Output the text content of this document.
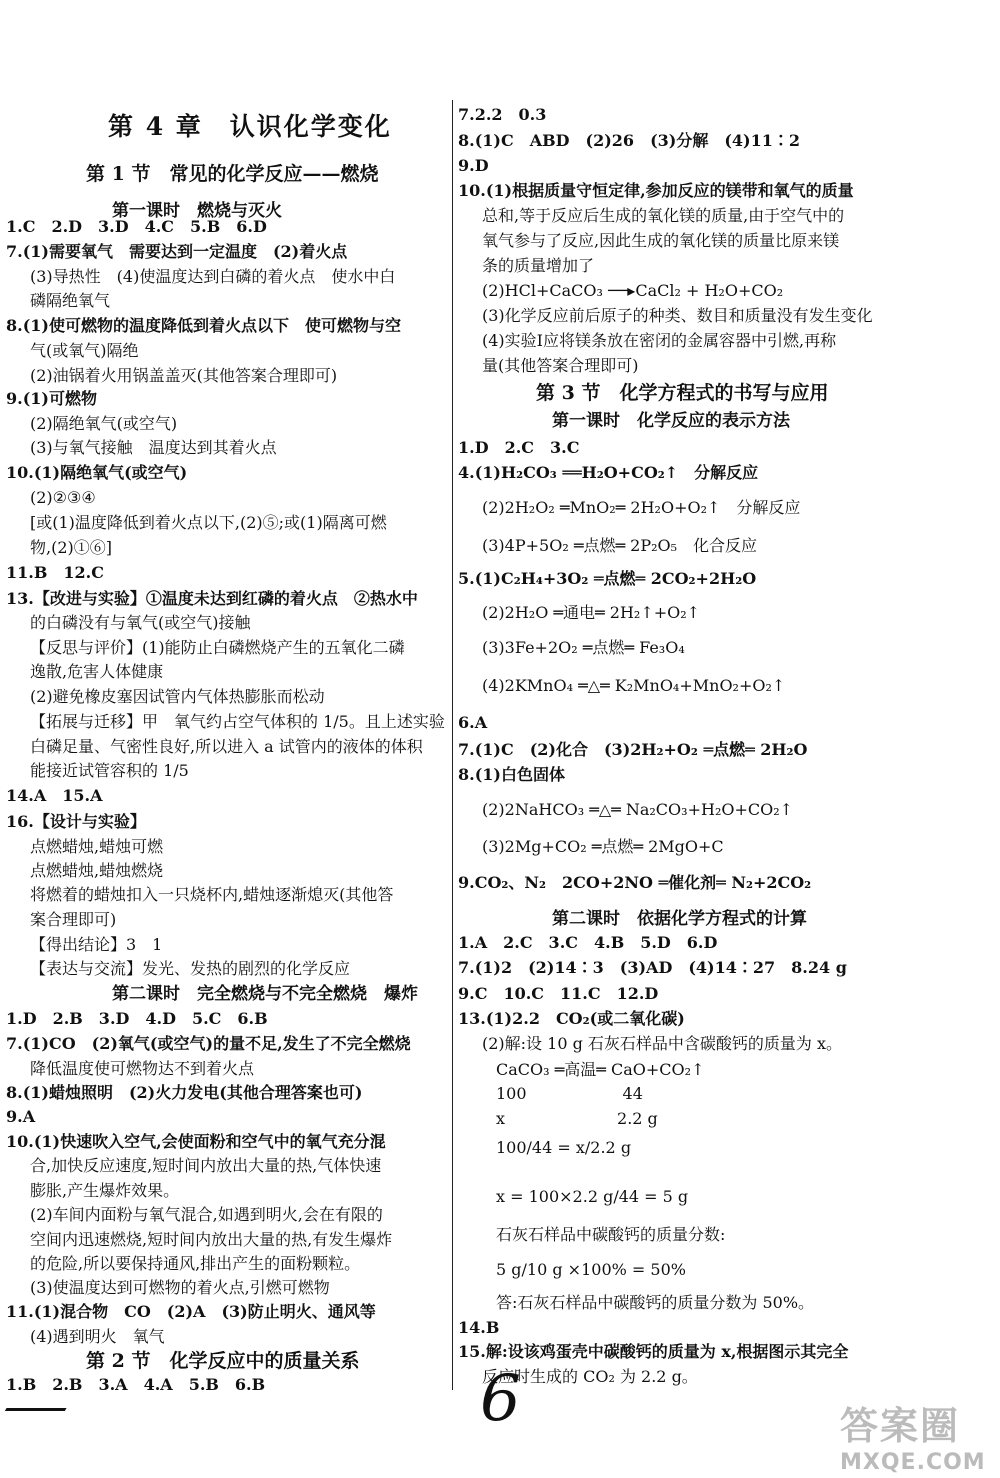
第 4 章　认识化学变化
第 1 节　常见的化学反应——燃烧
第一课时　燃烧与灭火
1.C　2.D　3.D　4.C　5.B　6.D
7.(1)需要氧气　需要达到一定温度　(2)着火点
(3)导热性　(4)使温度达到白磷的着火点　使水中白
磷隔绝氧气
8.(1)使可燃物的温度降低到着火点以下　使可燃物与空
气(或氧气)隔绝
(2)油锅着火用锅盖盖灭(其他答案合理即可)
9.(1)可燃物
(2)隔绝氧气(或空气)
(3)与氧气接触　温度达到其着火点
10.(1)隔绝氧气(或空气)
(2)②③④
[或(1)温度降低到着火点以下,(2)⑤;或(1)隔离可燃
物,(2)①⑥]
11.B　12.C
13.【改进与实验】①温度未达到红磷的着火点　②热水中
的白磷没有与氧气(或空气)接触
【反思与评价】(1)能防止白磷燃烧产生的五氧化二磷
逸散,危害人体健康
(2)避免橡皮塞因试管内气体热膨胀而松动
【拓展与迁移】甲　氧气约占空气体积的 1/5。且上述实验
白磷足量、气密性良好,所以进入 a 试管内的液体的体积
能接近试管容积的 1/5
14.A　15.A
16.【设计与实验】
点燃蜡烛,蜡烛可燃
点燃蜡烛,蜡烛燃烧
将燃着的蜡烛扣入一只烧杯内,蜡烛逐渐熄灭(其他答
案合理即可)
【得出结论】3　1
【表达与交流】发光、发热的剧烈的化学反应
第二课时　完全燃烧与不完全燃烧　爆炸
1.D　2.B　3.D　4.D　5.C　6.B
7.(1)CO　(2)氧气(或空气)的量不足,发生了不完全燃烧
降低温度使可燃物达不到着火点
8.(1)蜡烛照明　(2)火力发电(其他合理答案也可)
9.A
10.(1)快速吹入空气,会使面粉和空气中的氧气充分混
合,加快反应速度,短时间内放出大量的热,气体快速
膨胀,产生爆炸效果。
(2)车间内面粉与氧气混合,如遇到明火,会在有限的
空间内迅速燃烧,短时间内放出大量的热,有发生爆炸
的危险,所以要保持通风,排出产生的面粉颗粒。
(3)使温度达到可燃物的着火点,引燃可燃物
11.(1)混合物　CO　(2)A　(3)防止明火、通风等
(4)遇到明火　氧气
第 2 节　化学反应中的质量关系
1.B　2.B　3.A　4.A　5.B　6.B
7.2.2　0.3
8.(1)C　ABD　(2)26　(3)分解　(4)11∶2
9.D
10.(1)根据质量守恒定律,参加反应的镁带和氧气的质量
总和,等于反应后生成的氧化镁的质量,由于空气中的
氧气参与了反应,因此生成的氧化镁的质量比原来镁
条的质量增加了
(2)HCl+CaCO₃ ──▸CaCl₂ + H₂O+CO₂
(3)化学反应前后原子的种类、数目和质量没有发生变化
(4)实验Ⅰ应将镁条放在密闭的金属容器中引燃,再称
量(其他答案合理即可)
第 3 节　化学方程式的书写与应用
第一课时　化学反应的表示方法
1.D　2.C　3.C
4.(1)H₂CO₃ ══H₂O+CO₂↑　分解反应
(2)2H₂O₂ ═MnO₂═ 2H₂O+O₂↑　分解反应
(3)4P+5O₂ ═点燃═ 2P₂O₅　化合反应
5.(1)C₂H₄+3O₂ ═点燃═ 2CO₂+2H₂O
(2)2H₂O ═通电═ 2H₂↑+O₂↑
(3)3Fe+2O₂ ═点燃═ Fe₃O₄
(4)2KMnO₄ ═△═ K₂MnO₄+MnO₂+O₂↑
6.A
7.(1)C　(2)化合　(3)2H₂+O₂ ═点燃═ 2H₂O
8.(1)白色固体
(2)2NaHCO₃ ═△═ Na₂CO₃+H₂O+CO₂↑
(3)2Mg+CO₂ ═点燃═ 2MgO+C
9.CO₂、N₂　2CO+2NO ═催化剂═ N₂+2CO₂
第二课时　依据化学方程式的计算
1.A　2.C　3.C　4.B　5.D　6.D
7.(1)2　(2)14∶3　(3)AD　(4)14∶27　8.24 g
9.C　10.C　11.C　12.D
13.(1)2.2　CO₂(或二氧化碳)
(2)解:设 10 g 石灰石样品中含碳酸钙的质量为 x。
CaCO₃ ═高温═ CaO+CO₂↑
100　　　　　　44
x　　　　　　　2.2 g
100/44 = x/2.2 g
x = 100×2.2 g/44 = 5 g
石灰石样品中碳酸钙的质量分数:
5 g/10 g ×100% = 50%
答:石灰石样品中碳酸钙的质量分数为 50%。
14.B
15.解:设该鸡蛋壳中碳酸钙的质量为 x,根据图示其完全
反应时生成的 CO₂ 为 2.2 g。
6	答案圈
MXQE.COM
